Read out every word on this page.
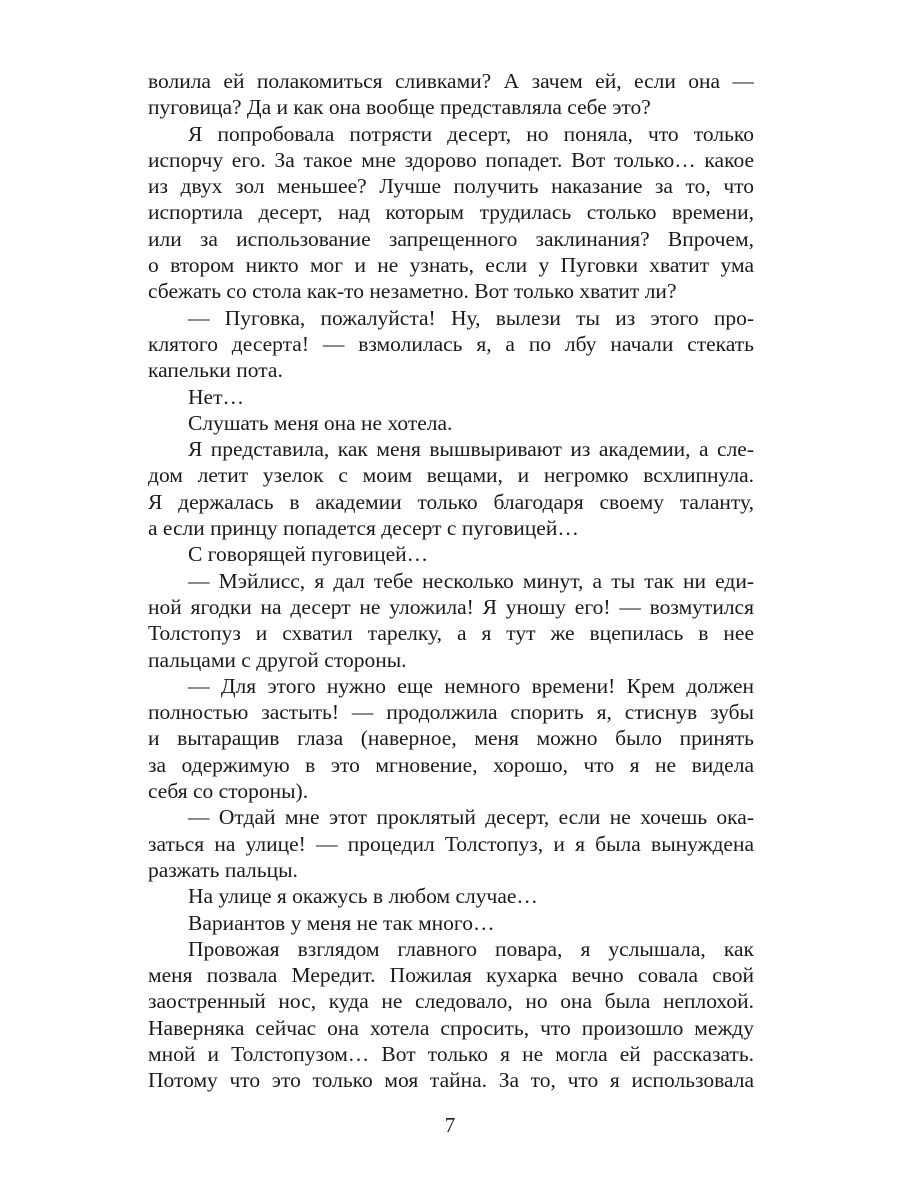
волила ей полакомиться сливками? А зачем ей, если она —
пуговица? Да и как она вообще представляла себе это?
Я попробовала потрясти десерт, но поняла, что только
испорчу его. За такое мне здорово попадет. Вот только… какое
из двух зол меньшее? Лучше получить наказание за то, что
испортила десерт, над которым трудилась столько времени,
или за использование запрещенного заклинания? Впрочем,
о втором никто мог и не узнать, если у Пуговки хватит ума
сбежать со стола как-то незаметно. Вот только хватит ли?
— Пуговка, пожалуйста! Ну, вылези ты из этого про-
клятого десерта! — взмолилась я, а по лбу начали стекать
капельки пота.
Нет…
Слушать меня она не хотела.
Я представила, как меня вышвыривают из академии, а сле-
дом летит узелок с моим вещами, и негромко всхлипнула.
Я держалась в академии только благодаря своему таланту,
а если принцу попадется десерт с пуговицей…
С говорящей пуговицей…
— Мэйлисс, я дал тебе несколько минут, а ты так ни еди-
ной ягодки на десерт не уложила! Я уношу его! — возмутился
Толстопуз и схватил тарелку, а я тут же вцепилась в нее
пальцами с другой стороны.
— Для этого нужно еще немного времени! Крем должен
полностью застыть! — продолжила спорить я, стиснув зубы
и вытаращив глаза (наверное, меня можно было принять
за одержимую в это мгновение, хорошо, что я не видела
себя со стороны).
— Отдай мне этот проклятый десерт, если не хочешь ока-
заться на улице! — процедил Толстопуз, и я была вынуждена
разжать пальцы.
На улице я окажусь в любом случае…
Вариантов у меня не так много…
Провожая взглядом главного повара, я услышала, как
меня позвала Мередит. Пожилая кухарка вечно совала свой
заостренный нос, куда не следовало, но она была неплохой.
Наверняка сейчас она хотела спросить, что произошло между
мной и Толстопузом… Вот только я не могла ей рассказать.
Потому что это только моя тайна. За то, что я использовала
7
